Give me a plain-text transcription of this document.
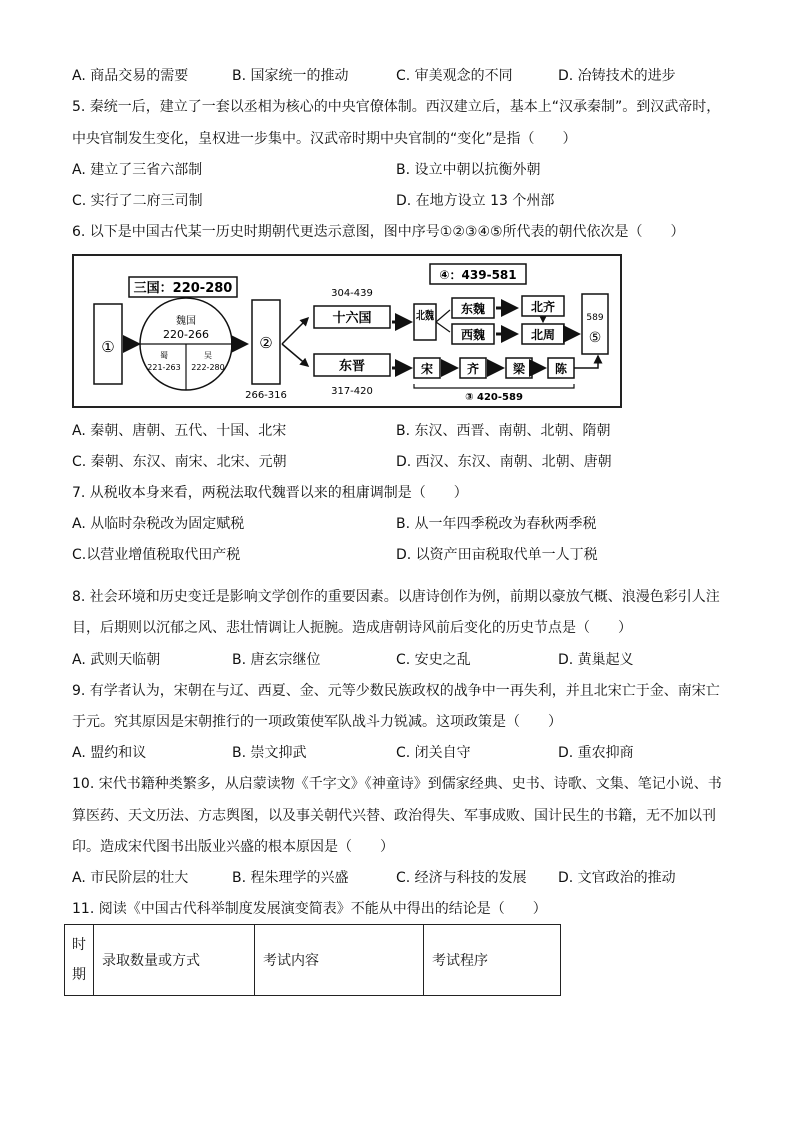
A. 商品交易的需要	B. 国家统一的推动	C. 审美观念的不同	D. 冶铸技术的进步
5. 秦统一后，建立了一套以丞相为核心的中央官僚体制。西汉建立后，基本上“汉承秦制”。到汉武帝时，
中央官制发生变化，皇权进一步集中。汉武帝时期中央官制的“变化”是指（　　）
A. 建立了三省六部制	B. 设立中朝以抗衡外朝
C. 实行了二府三司制	D. 在地方设立 13 个州部
6. 以下是中国古代某一历史时期朝代更迭示意图，图中序号①②③④⑤所代表的朝代依次是（　　）
①
三国：220-280
魏国
220-266
蜀
221-263
吴
222-280
②
266-316
304-439
十六国
东晋
317-420
④：439-581
北魏 东魏
西魏
北齐
北周
宋	齐	梁 陈
③ 420-589
589
⑤
A. 秦朝、唐朝、五代、十国、北宋	B. 东汉、西晋、南朝、北朝、隋朝
C. 秦朝、东汉、南宋、北宋、元朝	D. 西汉、东汉、南朝、北朝、唐朝
7. 从税收本身来看，两税法取代魏晋以来的租庸调制是（　　）
A. 从临时杂税改为固定赋税	B. 从一年四季税改为春秋两季税
C.以营业增值税取代田产税	D. 以资产田亩税取代单一人丁税
8. 社会环境和历史变迁是影响文学创作的重要因素。以唐诗创作为例，前期以豪放气概、浪漫色彩引人注
目，后期则以沉郁之风、悲壮情调让人扼腕。造成唐朝诗风前后变化的历史节点是（　　）
A. 武则天临朝	B. 唐玄宗继位	C. 安史之乱	D. 黄巢起义
9. 有学者认为，宋朝在与辽、西夏、金、元等少数民族政权的战争中一再失利，并且北宋亡于金、南宋亡
于元。究其原因是宋朝推行的一项政策使军队战斗力锐减。这项政策是（　　）
A. 盟约和议	B. 崇文抑武	C. 闭关自守	D. 重农抑商
10. 宋代书籍种类繁多，从启蒙读物《千字文》《神童诗》到儒家经典、史书、诗歌、文集、笔记小说、书
算医药、天文历法、方志舆图，以及事关朝代兴替、政治得失、军事成败、国计民生的书籍，无不加以刊
印。造成宋代图书出版业兴盛的根本原因是（　　）
A. 市民阶层的壮大	B. 程朱理学的兴盛	C. 经济与科技的发展 D. 文官政治的推动
11. 阅读《中国古代科举制度发展演变简表》不能从中得出的结论是（　　）
时期	录取数量或方式	考试内容	考试程序
